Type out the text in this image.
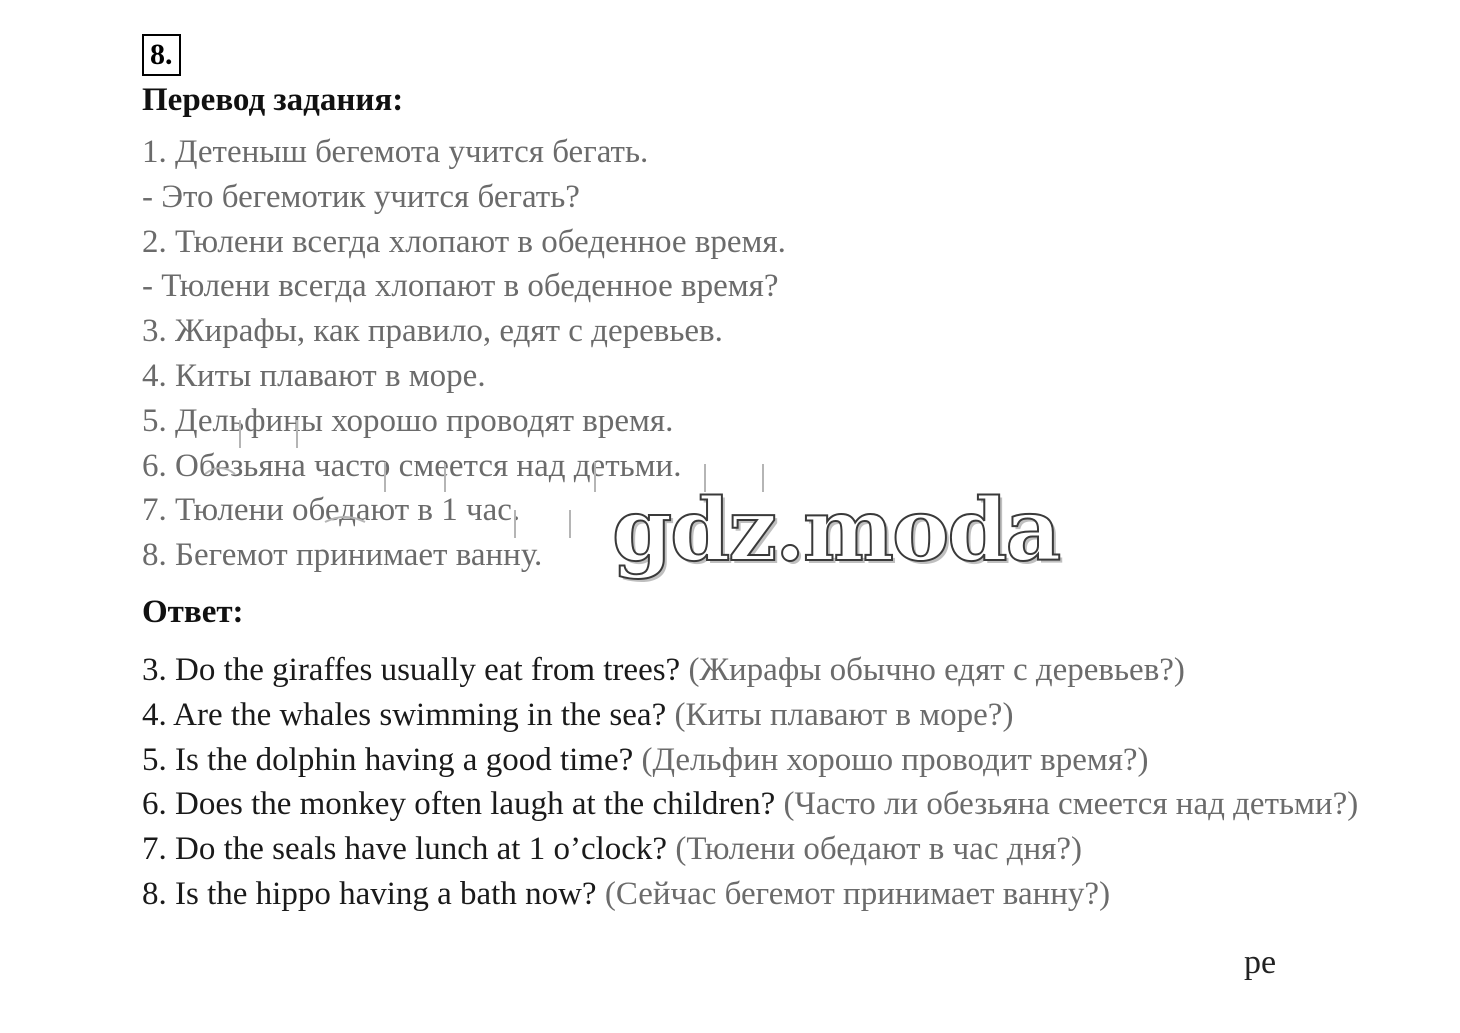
8.
Перевод задания:
1. Детеныш бегемота учится бегать.
- Это бегемотик учится бегать?
2. Тюлени всегда хлопают в обеденное время.
- Тюлени всегда хлопают в обеденное время?
3. Жирафы, как правило, едят с деревьев.
4. Киты плавают в море.
5. Дельфины хорошо проводят время.
6. Обезьяна часто смеется над детьми.
7. Тюлени обедают в 1 час.
8. Бегемот принимает ванну.
Ответ:
3. Do the giraffes usually eat from trees? (Жирафы обычно едят с деревьев?)
4. Are the whales swimming in the sea? (Киты плавают в море?)
5. Is the dolphin having a good time? (Дельфин хорошо проводит время?)
6. Does the monkey often laugh at the children? (Часто ли обезьяна смеется над детьми?)
7. Do the seals have lunch at 1 o’clock? (Тюлени обедают в час дня?)
8. Is the hippo having a bath now? (Сейчас бегемот принимает ванну?)
gdz.moda
pe
